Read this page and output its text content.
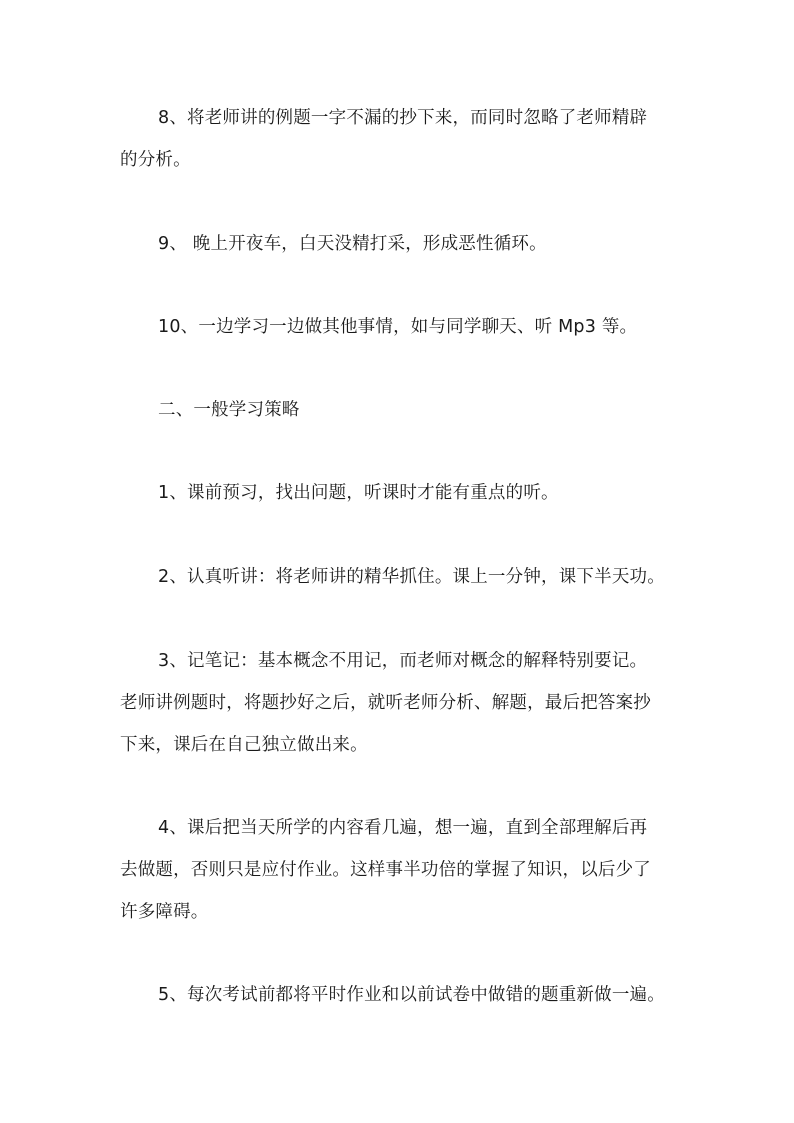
8、将老师讲的例题一字不漏的抄下来，而同时忽略了老师精辟
的分析。
9、 晚上开夜车，白天没精打采，形成恶性循环。
10、一边学习一边做其他事情，如与同学聊天、听 Mp3 等。
二、一般学习策略
1、课前预习，找出问题，听课时才能有重点的听。
2、认真听讲：将老师讲的精华抓住。课上一分钟，课下半天功。
3、记笔记：基本概念不用记，而老师对概念的解释特别要记。
老师讲例题时，将题抄好之后，就听老师分析、解题，最后把答案抄
下来，课后在自己独立做出来。
4、课后把当天所学的内容看几遍，想一遍，直到全部理解后再
去做题，否则只是应付作业。这样事半功倍的掌握了知识，以后少了
许多障碍。
5、每次考试前都将平时作业和以前试卷中做错的题重新做一遍。
